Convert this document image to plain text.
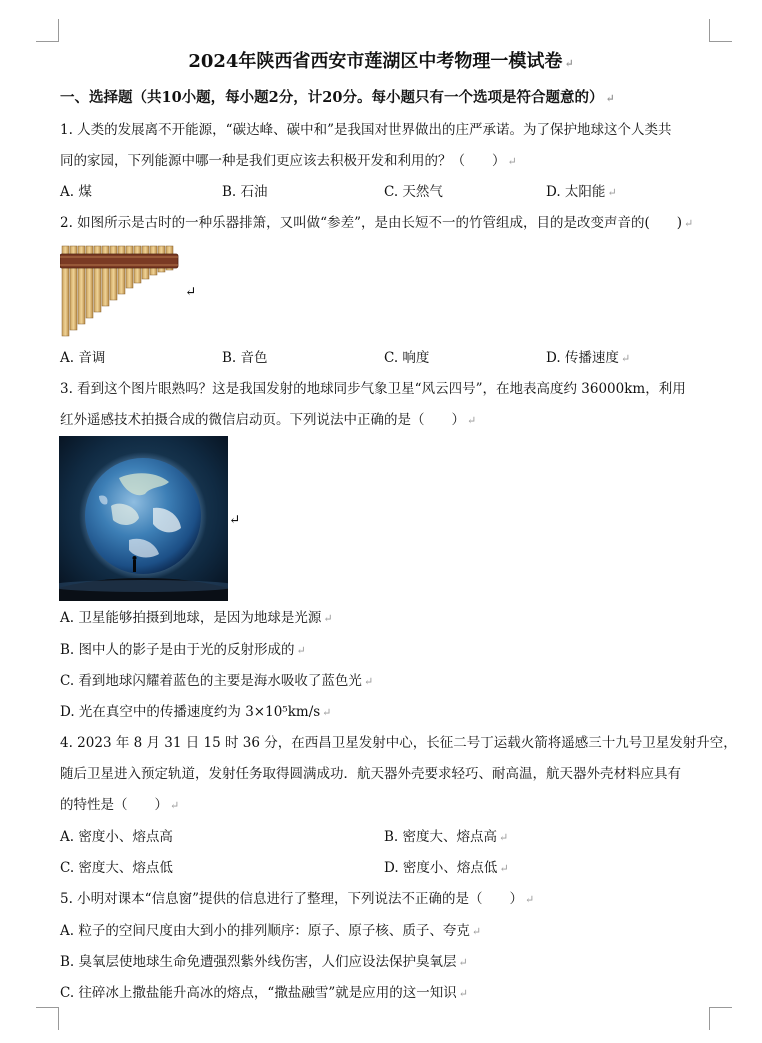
2024年陕西省西安市莲湖区中考物理一模试卷 ↵
一、选择题（共10小题，每小题2分，计20分。每小题只有一个选项是符合题意的） ↵
1. 人类的发展离不开能源，“碳达峰、碳中和”是我国对世界做出的庄严承诺。为了保护地球这个人类共
同的家园，下列能源中哪一种是我们更应该去积极开发和利用的？（　　） ↵
A. 煤	B. 石油	C. 天然气	D. 太阳能 ↵
2. 如图所示是古时的一种乐器排箫，又叫做“参差”，是由长短不一的竹管组成，目的是改变声音的(　　) ↵
↵
A. 音调	B. 音色	C. 响度	D. 传播速度 ↵
3. 看到这个图片眼熟吗？这是我国发射的地球同步气象卫星“风云四号”，在地表高度约 36000km，利用
红外遥感技术拍摄合成的微信启动页。下列说法中正确的是（　　） ↵
↵
A. 卫星能够拍摄到地球，是因为地球是光源 ↵
B. 图中人的影子是由于光的反射形成的 ↵
C. 看到地球闪耀着蓝色的主要是海水吸收了蓝色光 ↵
D. 光在真空中的传播速度约为 3×10⁵km/s ↵
4. 2023 年 8 月 31 日 15 时 36 分，在西昌卫星发射中心，长征二号丁运载火箭将遥感三十九号卫星发射升空，
随后卫星进入预定轨道，发射任务取得圆满成功．航天器外壳要求轻巧、耐高温，航天器外壳材料应具有
的特性是（　　） ↵
A. 密度小、熔点高	B. 密度大、熔点高 ↵
C. 密度大、熔点低	D. 密度小、熔点低 ↵
5. 小明对课本“信息窗”提供的信息进行了整理，下列说法不正确的是（　　） ↵
A. 粒子的空间尺度由大到小的排列顺序：原子、原子核、质子、夸克 ↵
B. 臭氧层使地球生命免遭强烈紫外线伤害，人们应设法保护臭氧层 ↵
C. 往碎冰上撒盐能升高冰的熔点，“撒盐融雪”就是应用的这一知识 ↵
